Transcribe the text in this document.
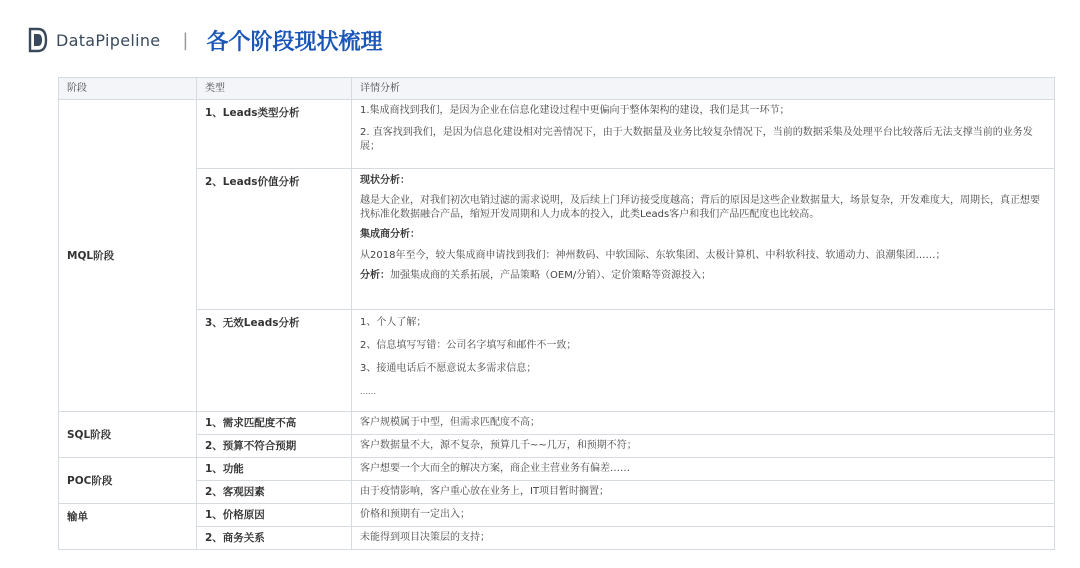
DataPipeline | 各个阶段现状梳理
阶段	类型	详情分析
MQL阶段	1、Leads类型分析	1.集成商找到我们，是因为企业在信息化建设过程中更偏向于整体架构的建设，我们是其一环节；

2. 直客找到我们，是因为信息化建设相对完善情况下，由于大数据量及业务比较复杂情况下，当前的数据采集及处理平台比较落后无法支撑当前的业务发展；

	2、Leads价值分析	现状分析：

越是大企业，对我们初次电销过滤的需求说明，及后续上门拜访接受度越高；背后的原因是这些企业数据量大，场景复杂，开发难度大，周期长，真正想要找标准化数据融合产品，缩短开发周期和人力成本的投入，此类Leads客户和我们产品匹配度也比较高。

集成商分析：

从2018年至今，较大集成商申请找到我们：神州数码、中软国际、东软集团、太极计算机、中科软科技、软通动力、浪潮集团……；

分析：加强集成商的关系拓展，产品策略（OEM/分销）、定价策略等资源投入；

	3、无效Leads分析	1、个人了解；

2、信息填写写错：公司名字填写和邮件不一致；

3、接通电话后不愿意说太多需求信息；

……

SQL阶段	1、需求匹配度不高	客户规模属于中型，但需求匹配度不高；
	2、预算不符合预期	客户数据量不大，源不复杂，预算几千~~几万，和预期不符；
POC阶段	1、功能	客户想要一个大而全的解决方案，商企业主营业务有偏差……
	2、客观因素	由于疫情影响，客户重心放在业务上，IT项目暂时搁置；
输单	1、价格原因	价格和预期有一定出入；
	2、商务关系	未能得到项目决策层的支持；
